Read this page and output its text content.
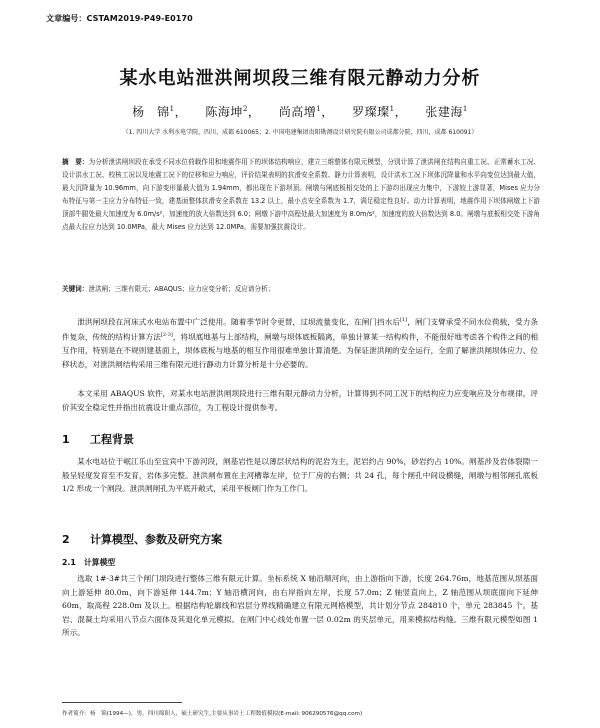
文章编号：CSTAM2019-P49-E0170
某水电站泄洪闸坝段三维有限元静动力分析
杨　锦$^1$， 陈海坤$^2$， 尚高增$^1$， 罗璨璨$^1$， 张建海$^1$
（1. 四川大学 水利水电学院，四川，成都 610065；2. 中国电建集团贵阳勘测设计研究院有限公司成都分院，四川，成都 610091）
摘　要：为分析泄洪闸坝段在承受不同水位荷载作用和地震作用下的坝体结构响应，建立三维整体有限元模型，分别计算了泄洪闸在结构自重工况、正常蓄水工况、设计洪水工况、校核工况以及地震工况下的位移和应力响应，评价结果表明的抗滑安全系数、静力计算表明，设计洪水工况下坝体沉降量和水平向变位达到最大值，最大沉降量为 10.96mm，向下游变形量最大值为 1.94mm，都出现在下游坝顶。闸墩与闸底板相交处的上下游均出现应力集中，下游较上游显著，Mises 应力分布特征与第一主应力分布特征一致，建基面整体抗滑安全系数在 13.2 以上，最小点安全系数为 1.7，满足稳定性良好。动力计算表明，地震作用下坝体闸墩上下游顶部牛腿处最大加速度为 6.0m/s²，加速度的放大倍数达到 6.0；闸墩下游中高程处最大加速度为 8.0m/s²，加速度的放大倍数达到 8.0。闸墩与底板相交处下游角点最大拉应力达到 10.0MPa，最大 Mises 应力达到 12.0MPa，需要加强抗震设计。
关键词：泄洪闸；三维有限元；ABAQUS；应力应变分析；反应谱分析；
泄洪闸坝段在河床式水电站布置中广泛使用。随着季节时令更替，过坝流量变化，在闸门挡水后[1]，闸门支臂承受不同水位荷载，受力条件复杂，传统的结构计算方法[2-3]，将坝底地基与上部结构，闸墩与坝体底板隔离，单独计算某一结构构件，不能很好地考虑各个构件之间的相互作用，特别是在不规则建基面上，坝体底板与地基的相互作用很难单独计算清楚。为保证泄洪闸的安全运行，全面了解泄洪闸坝体应力、位移状态，对泄洪闸结构采用三维有限元进行静动力计算分析是十分必要的。
本文采用 ABAQUS 软件，对某水电站泄洪闸坝段进行三维有限元静动力分析，计算得到不同工况下的结构应力应变响应及分布规律，评价其安全稳定性并指出抗震设计重点部位，为工程设计提供参考。
1 工程背景
某水电站位于岷江乐山至宜宾中下游河段，闸基岩性是以薄层状结构的泥岩为主，泥岩约占 90%，砂岩约占 10%。闸基涉及岩体裂隙一般呈轻度发育至不发育，岩体多完整。泄洪闸布置在主河槽靠左岸，位于厂房的右侧；共 24 孔，每个闸孔中间设横缝，闸墩与相邻闸孔底板 1/2 形成一个闸段。泄洪闸闸孔为平底开敞式，采用平板闸门作为工作门。
2 计算模型、参数及研究方案
2.1 计算模型
选取 1#-3#共三个闸门坝段进行整体三维有限元计算。坐标系统 X 轴沿顺河向，由上游指向下游，长度 264.76m，地基范围从坝基面向上游延伸 80.0m，向下游延伸 144.7m；Y 轴沿横河向，由右岸指向左岸，长度 57.0m；Z 轴竖直向上，Z 轴范围从坝底面向下延伸 60m，取高程 228.0m 及以上。根据结构轮廓线和岩层分界线精确建立有限元网格模型，共计划分节点 284810 个，单元 283845 个。基岩、混凝土均采用八节点六面体及其退化单元模拟。在闸门中心线处布置一层 0.02m 的夹层单元，用来模拟结构缝。三维有限元模型如图 1 所示。
作者简介：杨　锦(1994—)，男，四川绵阳人，硕士研究生,主要从事岩土工程数值模拟(E-mail: 906290576@qq.com)
